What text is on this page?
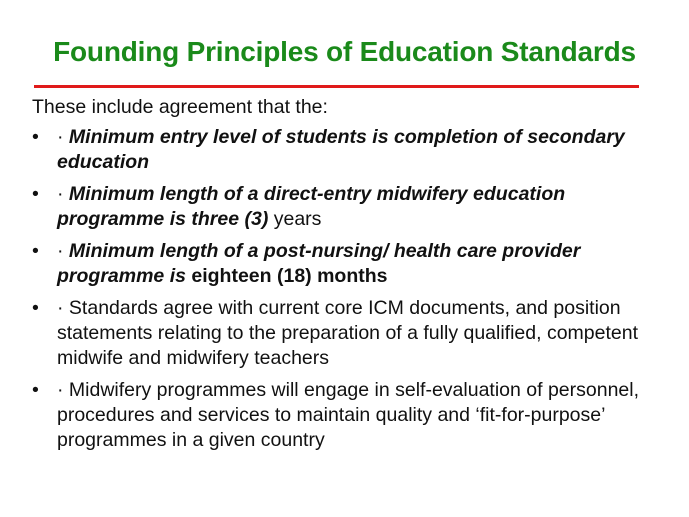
Founding Principles of Education Standards

These include agreement that the:

• · Minimum entry level of students is completion of secondary education
• · Minimum length of a direct-entry midwifery education programme is three (3) years
• · Minimum length of a post-nursing/ health care provider programme is eighteen (18) months
• · Standards agree with current core ICM documents, and position statements relating to the preparation of a fully qualified, competent midwife and midwifery teachers
• · Midwifery programmes will engage in self-evaluation of personnel, procedures and services to maintain quality and ‘fit-for-purpose’ programmes in a given country
